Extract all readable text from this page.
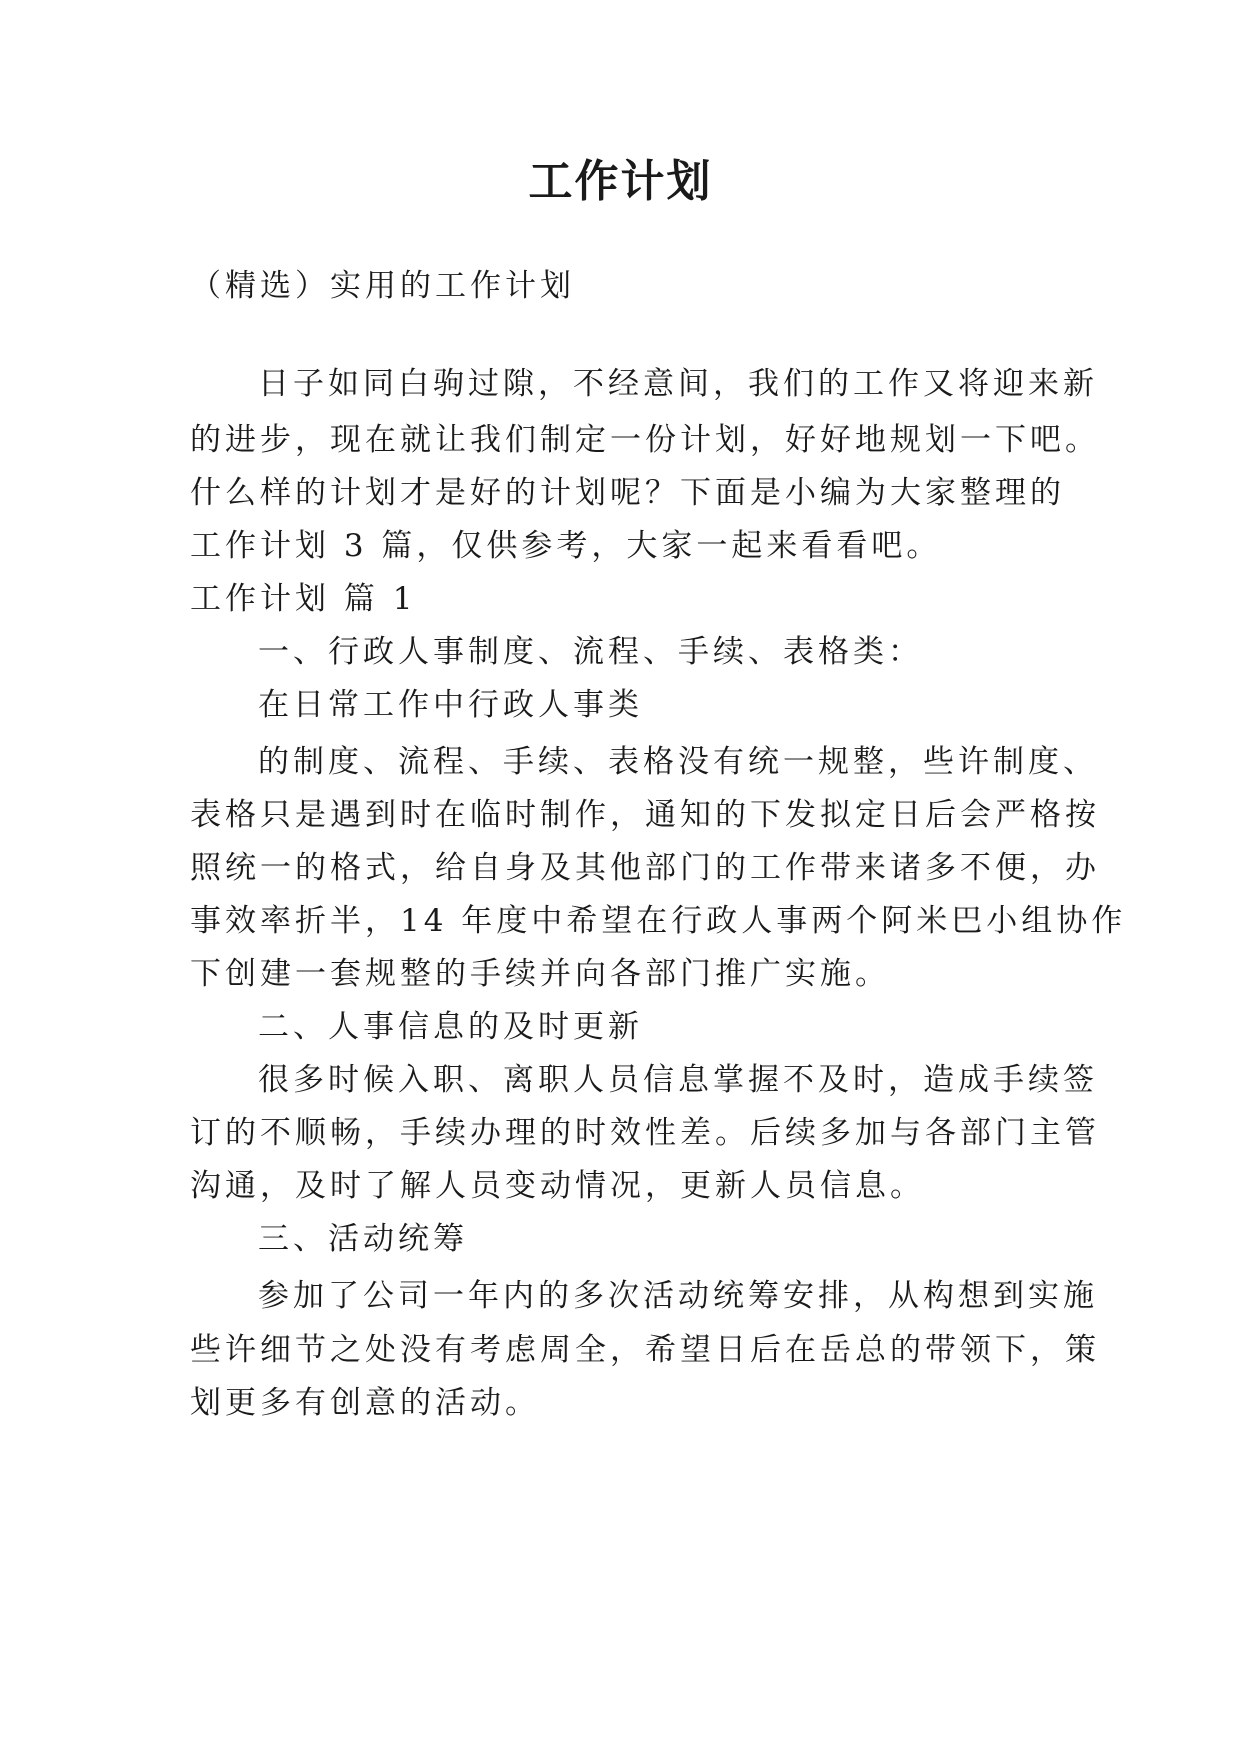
工作计划
（精选）实用的工作计划
日子如同白驹过隙，不经意间，我们的工作又将迎来新
的进步，现在就让我们制定一份计划，好好地规划一下吧。
什么样的计划才是好的计划呢？下面是小编为大家整理的
工作计划 3 篇，仅供参考，大家一起来看看吧。
工作计划 篇 1
一、行政人事制度、流程、手续、表格类：
在日常工作中行政人事类
的制度、流程、手续、表格没有统一规整，些许制度、
表格只是遇到时在临时制作，通知的下发拟定日后会严格按
照统一的格式，给自身及其他部门的工作带来诸多不便，办
事效率折半，14 年度中希望在行政人事两个阿米巴小组协作
下创建一套规整的手续并向各部门推广实施。
二、人事信息的及时更新
很多时候入职、离职人员信息掌握不及时，造成手续签
订的不顺畅，手续办理的时效性差。后续多加与各部门主管
沟通，及时了解人员变动情况，更新人员信息。
三、活动统筹
参加了公司一年内的多次活动统筹安排，从构想到实施
些许细节之处没有考虑周全，希望日后在岳总的带领下，策
划更多有创意的活动。
